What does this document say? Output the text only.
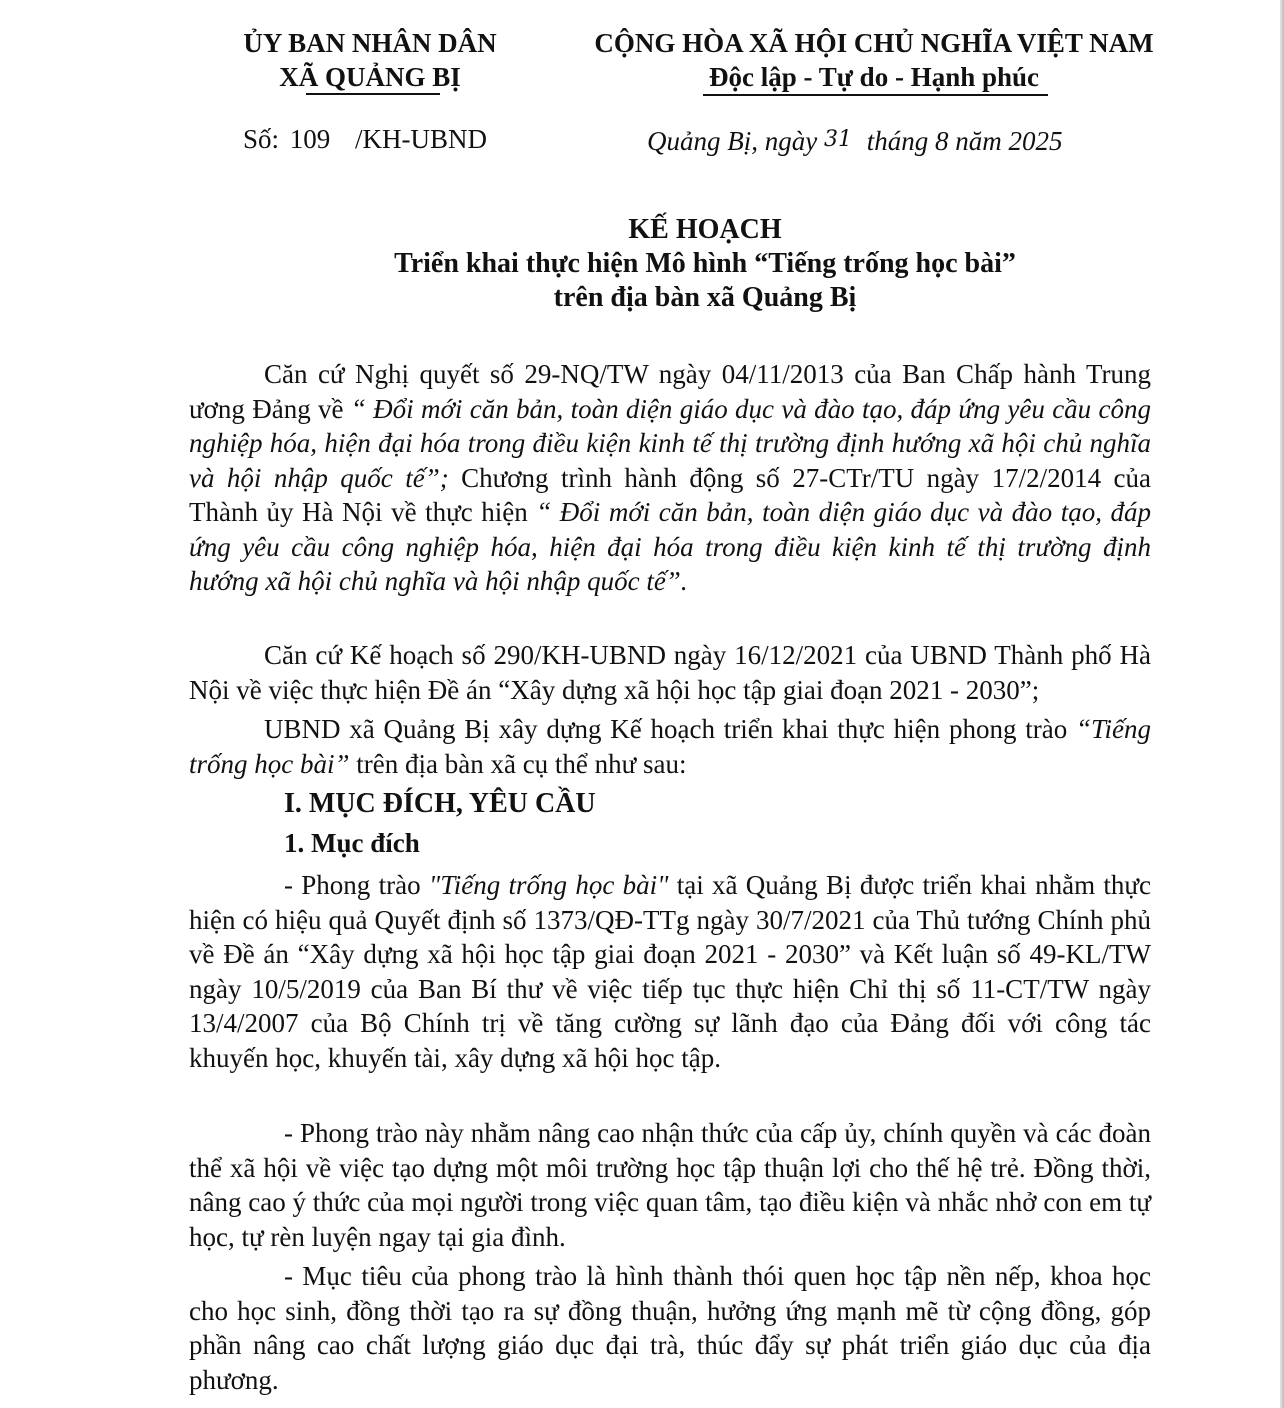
ỦY BAN NHÂN DÂN
XÃ QUẢNG BỊ
CỘNG HÒA XÃ HỘI CHỦ NGHĨA VIỆT NAM
Độc lập - Tự do - Hạnh phúc
Số: 109 /KH-UBND	Quảng Bị, ngày 31 tháng 8 năm 2025
KẾ HOẠCH
Triển khai thực hiện Mô hình “Tiếng trống học bài”
trên địa bàn xã Quảng Bị
Căn cứ Nghị quyết số 29-NQ/TW ngày 04/11/2013 của Ban Chấp hành Trung ương Đảng về “ Đổi mới căn bản, toàn diện giáo dục và đào tạo, đáp ứng yêu cầu công nghiệp hóa, hiện đại hóa trong điều kiện kinh tế thị trường định hướng xã hội chủ nghĩa và hội nhập quốc tế”; Chương trình hành động số 27-CTr/TU ngày 17/2/2014 của Thành ủy Hà Nội về thực hiện “ Đổi mới căn bản, toàn diện giáo dục và đào tạo, đáp ứng yêu cầu công nghiệp hóa, hiện đại hóa trong điều kiện kinh tế thị trường định hướng xã hội chủ nghĩa và hội nhập quốc tế”.
Căn cứ Kế hoạch số 290/KH-UBND ngày 16/12/2021 của UBND Thành phố Hà Nội về việc thực hiện Đề án “Xây dựng xã hội học tập giai đoạn 2021 - 2030”;
UBND xã Quảng Bị xây dựng Kế hoạch triển khai thực hiện phong trào “Tiếng trống học bài” trên địa bàn xã cụ thể như sau:
I. MỤC ĐÍCH, YÊU CẦU
1. Mục đích
- Phong trào "Tiếng trống học bài" tại xã Quảng Bị được triển khai nhằm thực hiện có hiệu quả Quyết định số 1373/QĐ-TTg ngày 30/7/2021 của Thủ tướng Chính phủ về Đề án “Xây dựng xã hội học tập giai đoạn 2021 - 2030” và Kết luận số 49-KL/TW ngày 10/5/2019 của Ban Bí thư về việc tiếp tục thực hiện Chỉ thị số 11-CT/TW ngày 13/4/2007 của Bộ Chính trị về tăng cường sự lãnh đạo của Đảng đối với công tác khuyến học, khuyến tài, xây dựng xã hội học tập.
- Phong trào này nhằm nâng cao nhận thức của cấp ủy, chính quyền và các đoàn thể xã hội về việc tạo dựng một môi trường học tập thuận lợi cho thế hệ trẻ. Đồng thời, nâng cao ý thức của mọi người trong việc quan tâm, tạo điều kiện và nhắc nhở con em tự học, tự rèn luyện ngay tại gia đình.
- Mục tiêu của phong trào là hình thành thói quen học tập nền nếp, khoa học cho học sinh, đồng thời tạo ra sự đồng thuận, hưởng ứng mạnh mẽ từ cộng đồng, góp phần nâng cao chất lượng giáo dục đại trà, thúc đẩy sự phát triển giáo dục của địa phương.
